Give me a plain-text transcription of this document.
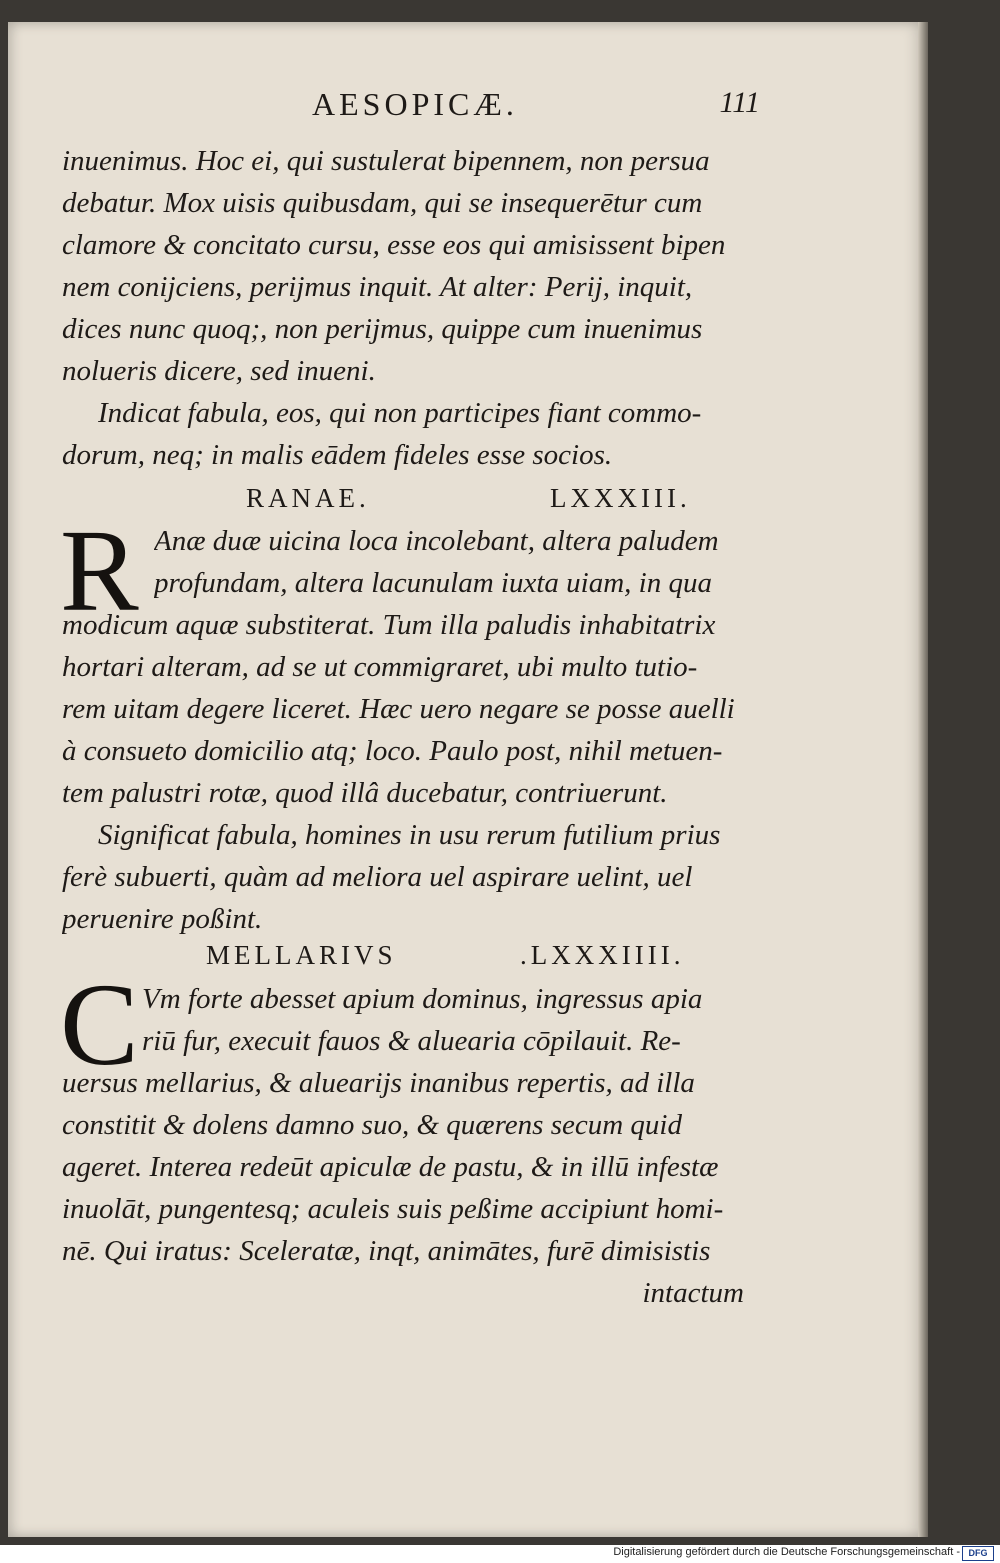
AESOPICÆ.	111
inuenimus. Hoc ei, qui sustulerat bipennem, non persua
debatur. Mox uisis quibusdam, qui se insequerētur cum
clamore & concitato cursu, esse eos qui amisissent bipen
nem conijciens, perijmus inquit. At alter: Perij, inquit,
dices nunc quoq;, non perijmus, quippe cum inuenimus
nolueris dicere, sed inueni.
Indicat fabula, eos, qui non participes fiant commo-
dorum, neq; in malis eādem fideles esse socios.
RANAE.	LXXXIII.
R Anæ duæ uicina loca incolebant, altera paludem
profundam, altera lacunulam iuxta uiam, in qua
modicum aquæ substiterat. Tum illa paludis inhabitatrix
hortari alteram, ad se ut commigraret, ubi multo tutio-
rem uitam degere liceret. Hæc uero negare se posse auelli
à consueto domicilio atq; loco. Paulo post, nihil metuen-
tem palustri rotæ, quod illâ ducebatur, contriuerunt.
Significat fabula, homines in usu rerum futilium prius
ferè subuerti, quàm ad meliora uel aspirare uelint, uel
peruenire poßint.
MELLARIVS	.LXXXIIII.
C Vm forte abesset apium dominus, ingressus apia
riū fur, execuit fauos & aluearia cōpilauit. Re-
uersus mellarius, & aluearijs inanibus repertis, ad illa
constitit & dolens damno suo, & quærens secum quid
ageret. Interea redeūt apiculæ de pastu, & in illū infestæ
inuolāt, pungentesq; aculeis suis peßime accipiunt homi-
nē. Qui iratus: Sceleratæ, inqt, animātes, furē dimisistis
intactum
Digitalisierung gefördert durch die Deutsche Forschungsgemeinschaft - DFG
